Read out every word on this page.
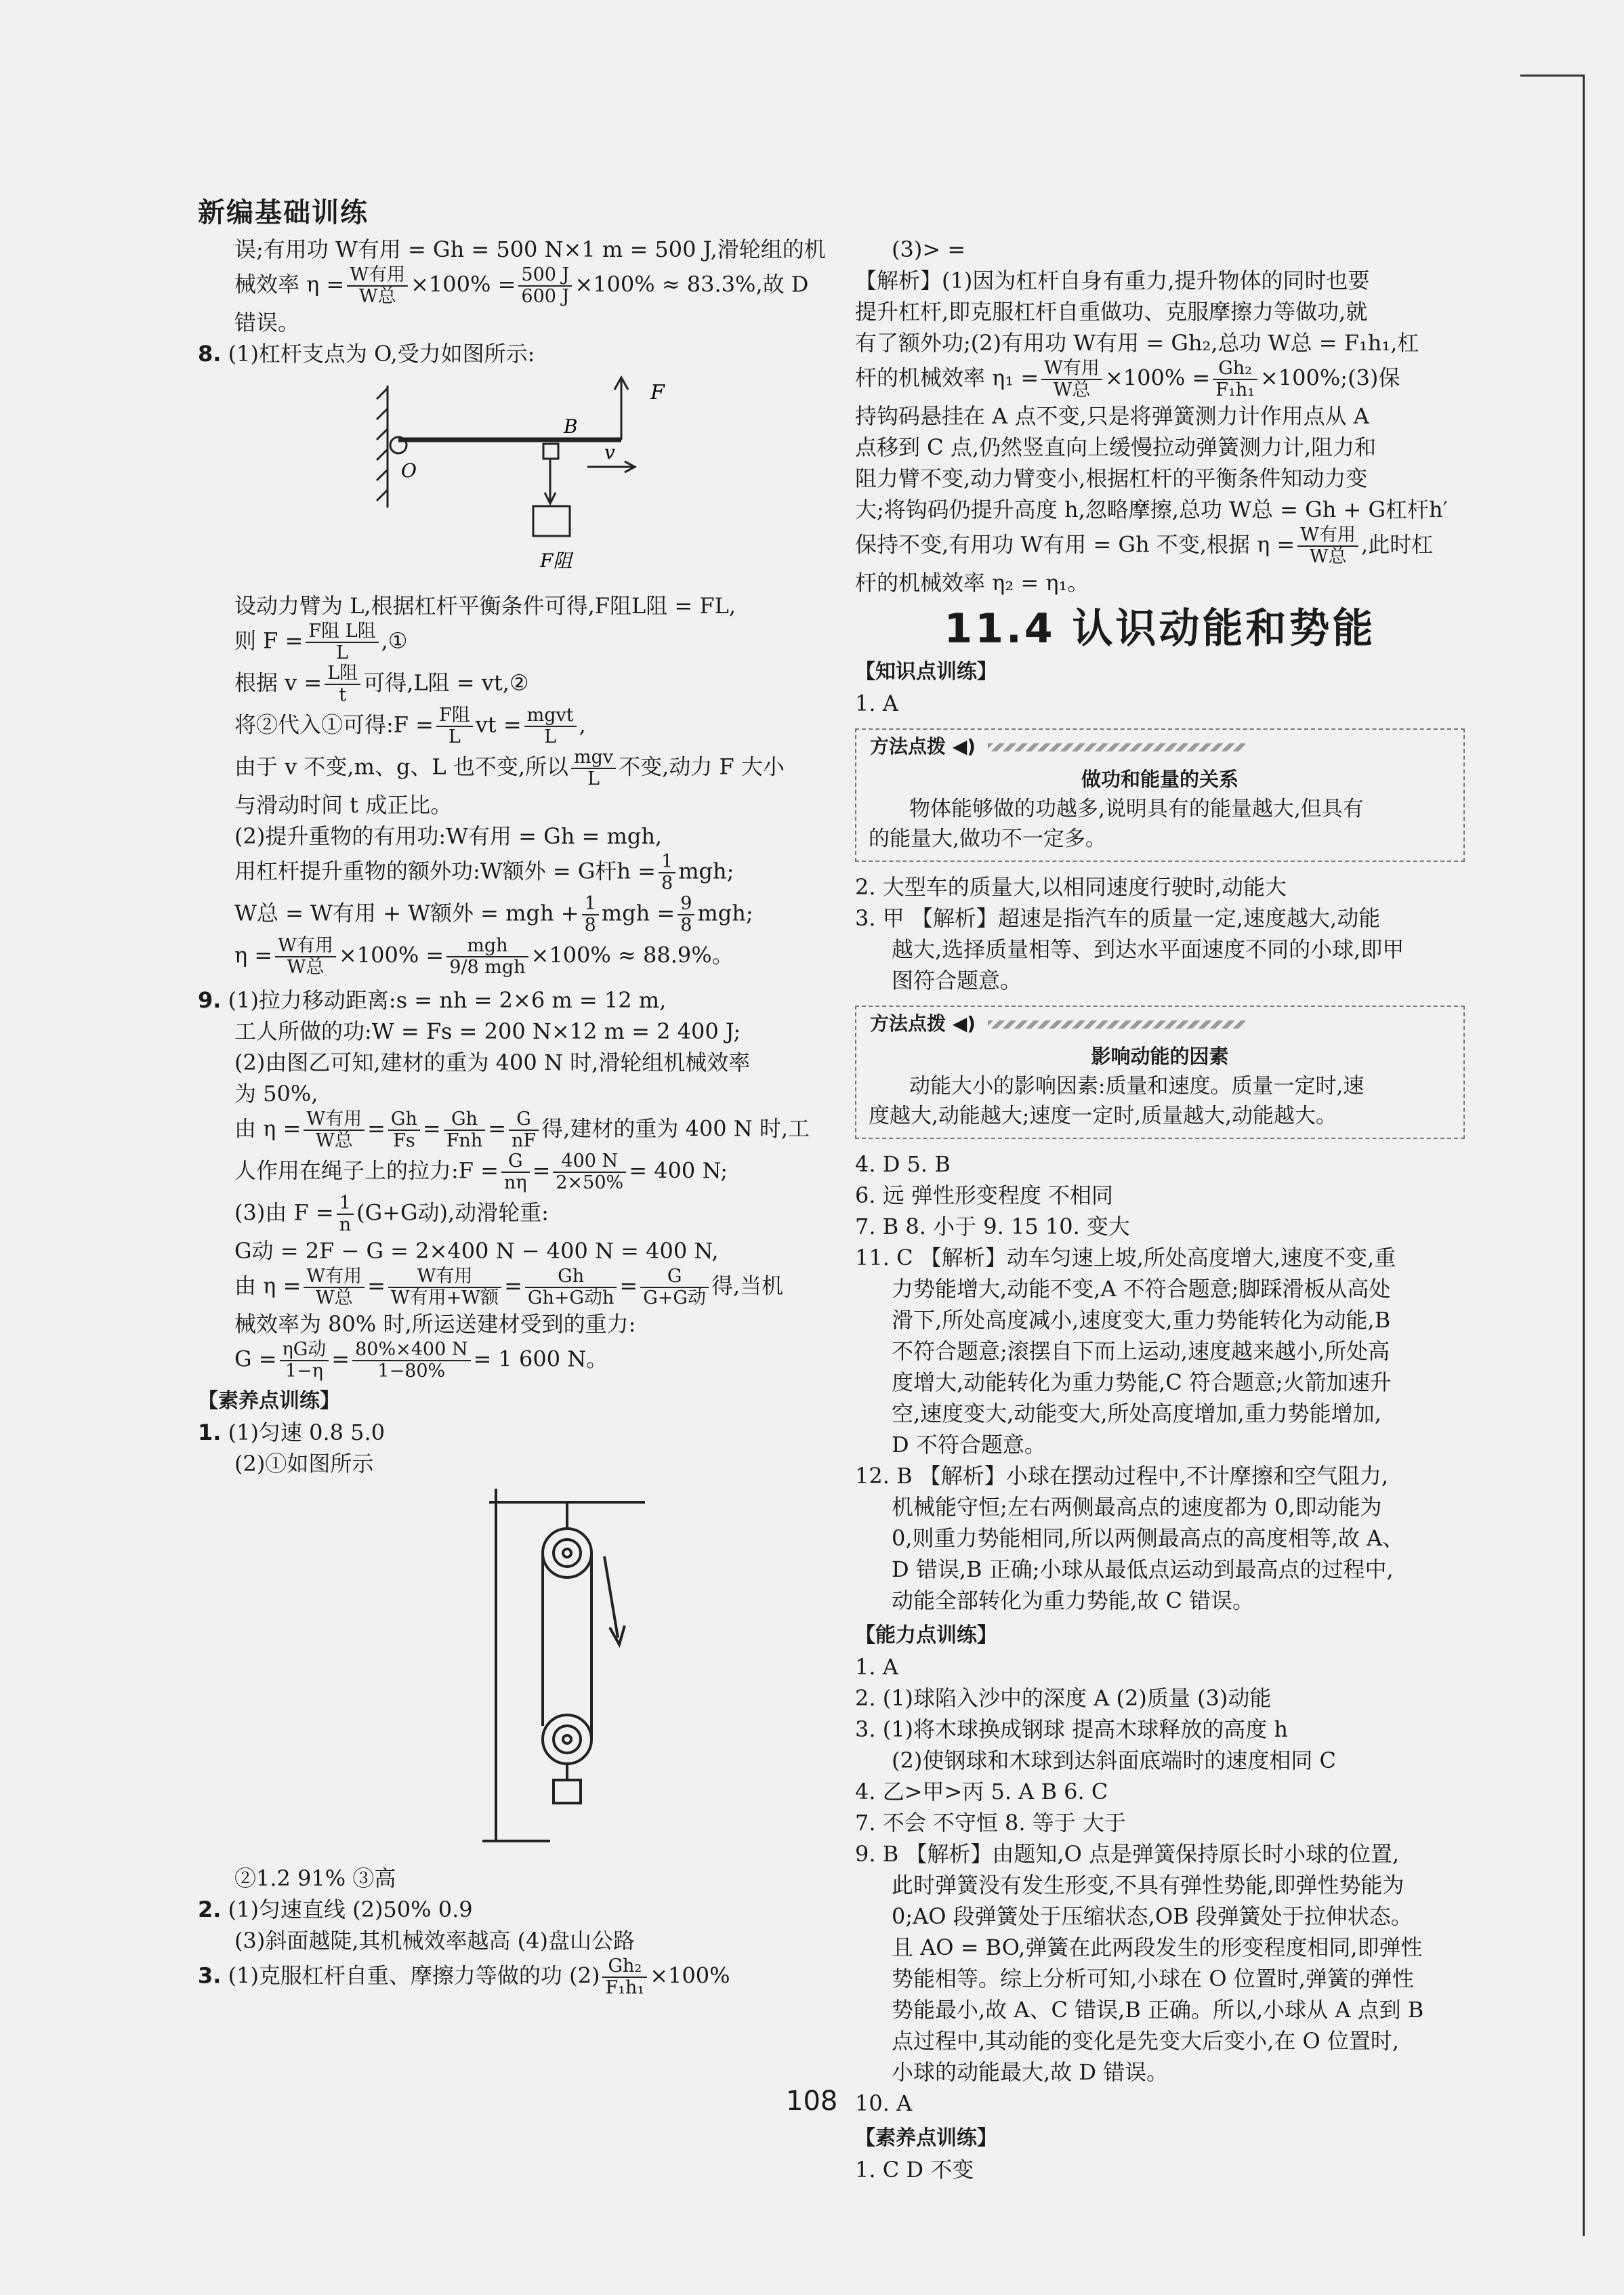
新编基础训练
误;有用功 W有用 = Gh = 500 N×1 m = 500 J,滑轮组的机
械效率 $\eta = \frac{\text{W有用}}{\text{W总}} \times 100\% = \frac{500 J}{600 J} \times 100\% \approx 83.3\%$,故 D
错误。
8. (1)杠杆支点为 O,受力如图所示:
F
B
O
v
F阻
设动力臂为 L,根据杠杆平衡条件可得,F阻L阻 = FL,
则 $F = \frac{\text{F阻 L阻}}{L}$ ,①
根据 $v = \frac{\text{L阻}}{t}$ 可得,L阻 = vt,②
将②代入①可得:F = $\frac{\text{F阻}}{L}$ vt = $\frac{\text{mgvt}}{L}$ ,
由于 v 不变,m、g、L 也不变,所以 $\frac{\text{mgv}}{L}$ 不变,动力 F 大小
与滑动时间 t 成正比。
(2)提升重物的有用功:W有用 = Gh = mgh,
用杠杆提升重物的额外功:W额外 = G杆$h = \frac{1}{8}$ mgh;
W总 = W有用 + W额外 = mgh + $\frac{1}{8}$ mgh = $\frac{9}{8}$ mgh;
$\eta = \frac{\text{W有用}}{\text{W总}} \times 100\% = \frac{\text{mgh}}{\text{9/8 mgh}} \times 100\% \approx 88.9\%$。
9. (1)拉力移动距离:s = nh = 2×6 m = 12 m,
工人所做的功:W = Fs = 200 N×12 m = 2 400 J;
(2)由图乙可知,建材的重为 400 N 时,滑轮组机械效率
为 50%,
由 $\eta = \frac{\text{W有用}}{\text{W总}} = \frac{Gh}{Fs} = \frac{Gh}{\text{Fnh}} = \frac{G}{nF}$ 得,建材的重为 400 N 时,工
人作用在绳子上的拉力:F = $\frac{G}{n\eta} = \frac{400 N}{2\times 50\%} = 400$ N;
(3)由 $F = \frac{1}{n} (G+G$动),动滑轮重:
G动 = 2F − G = 2×400 N − 400 N = 400 N,
由 $\eta = \frac{\text{W有用}}{\text{W总}} = \frac{\text{W有用}}{\text{W有用+W额}} = \frac{Gh}{\text{Gh+G动h}} = \frac{G}{\text{G+G动}}$ 得,当机
械效率为 80% 时,所运送建材受到的重力:
$G = \frac{\text{ηG动}}{1-\eta} = \frac{80\%\times 400 N}{1-80\%} = 1$ 600 N。
【素养点训练】
1. (1)匀速 0.8 5.0
(2)①如图所示
②1.2 91% ③高
2. (1)匀速直线 (2)50% 0.9
(3)斜面越陡,其机械效率越高 (4)盘山公路
3. (1)克服杠杆自重、摩擦力等做的功 $(2) \frac{\text{Gh₂}}{\text{F₁h₁}} \times 100\%$
(3)> =
【解析】(1)因为杠杆自身有重力,提升物体的同时也要
提升杠杆,即克服杠杆自重做功、克服摩擦力等做功,就
有了额外功;(2)有用功 W有用 = Gh₂,总功 W总 = F₁h₁,杠
杆的机械效率 $\eta_1 = \frac{\text{W有用}}{\text{W总}} \times 100\% = \frac{\text{Gh₂}}{\text{F₁h₁}}$ ×100%;(3)保
持钩码悬挂在 A 点不变,只是将弹簧测力计作用点从 A
点移到 C 点,仍然竖直向上缓慢拉动弹簧测力计,阻力和
阻力臂不变,动力臂变小,根据杠杆的平衡条件知动力变
大;将钩码仍提升高度 h,忽略摩擦,总功 W总 = Gh + G杠杆h′
保持不变,有用功 W有用 = Gh 不变,根据 $\eta = \frac{\text{W有用}}{\text{W总}}$ ,此时杠
杆的机械效率 η₂ = η₁。
11.4 认识动能和势能
【知识点训练】
1. A
方法点拨 ◀)
做功和能量的关系
物体能够做的功越多,说明具有的能量越大,但具有
的能量大,做功不一定多。
2. 大型车的质量大,以相同速度行驶时,动能大
3. 甲 【解析】超速是指汽车的质量一定,速度越大,动能
越大,选择质量相等、到达水平面速度不同的小球,即甲
图符合题意。
方法点拨 ◀)
影响动能的因素
动能大小的影响因素:质量和速度。质量一定时,速
度越大,动能越大;速度一定时,质量越大,动能越大。
4. D 5. B
6. 远 弹性形变程度 不相同
7. B 8. 小于 9. 15 10. 变大
11. C 【解析】动车匀速上坡,所处高度增大,速度不变,重
力势能增大,动能不变,A 不符合题意;脚踩滑板从高处
滑下,所处高度减小,速度变大,重力势能转化为动能,B
不符合题意;滚摆自下而上运动,速度越来越小,所处高
度增大,动能转化为重力势能,C 符合题意;火箭加速升
空,速度变大,动能变大,所处高度增加,重力势能增加,
D 不符合题意。
12. B 【解析】小球在摆动过程中,不计摩擦和空气阻力,
机械能守恒;左右两侧最高点的速度都为 0,即动能为
0,则重力势能相同,所以两侧最高点的高度相等,故 A、
D 错误,B 正确;小球从最低点运动到最高点的过程中,
动能全部转化为重力势能,故 C 错误。
【能力点训练】
1. A
2. (1)球陷入沙中的深度 A (2)质量 (3)动能
3. (1)将木球换成钢球 提高木球释放的高度 h
(2)使钢球和木球到达斜面底端时的速度相同 C
4. 乙>甲>丙 5. A B 6. C
7. 不会 不守恒 8. 等于 大于
9. B 【解析】由题知,O 点是弹簧保持原长时小球的位置,
此时弹簧没有发生形变,不具有弹性势能,即弹性势能为
0;AO 段弹簧处于压缩状态,OB 段弹簧处于拉伸状态。
且 AO = BO,弹簧在此两段发生的形变程度相同,即弹性
势能相等。综上分析可知,小球在 O 位置时,弹簧的弹性
势能最小,故 A、C 错误,B 正确。所以,小球从 A 点到 B
点过程中,其动能的变化是先变大后变小,在 O 位置时,
小球的动能最大,故 D 错误。
10. A
【素养点训练】
1. C D 不变
108
